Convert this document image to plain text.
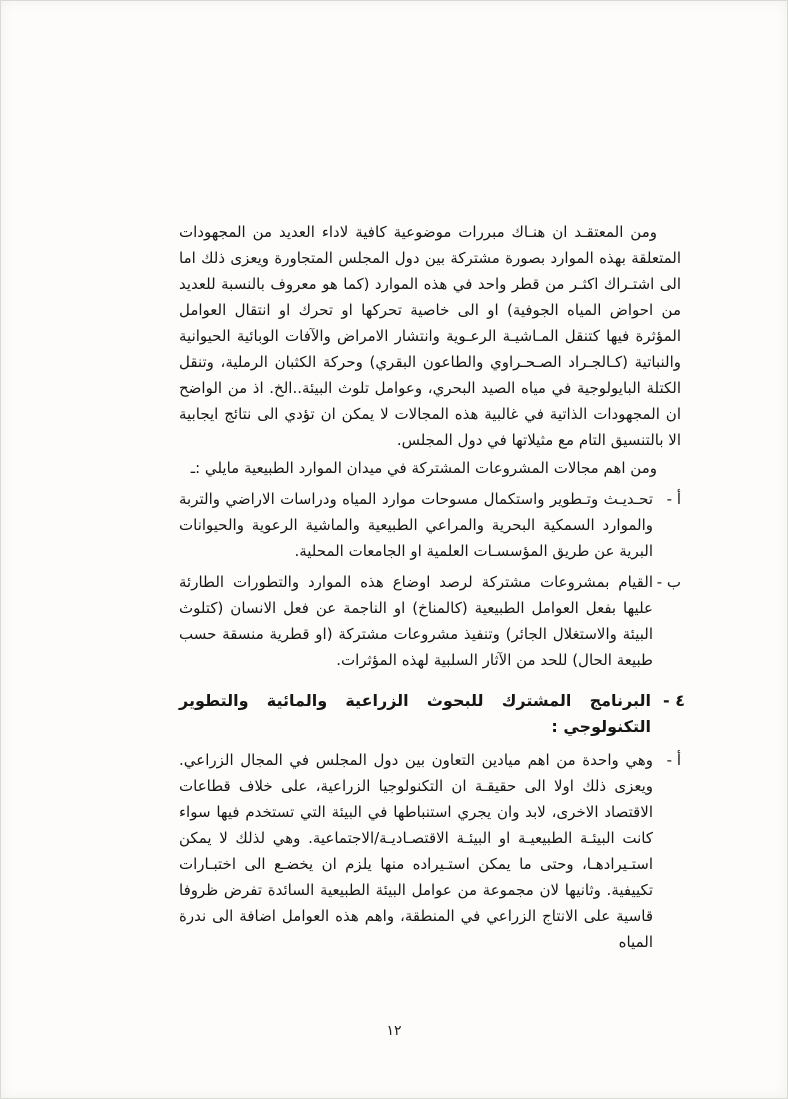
ومن المعتقـد ان هنـاك مبررات موضوعية كافية لاداء العديد من المجهودات المتعلقة بهذه الموارد بصورة مشتركة بين دول المجلس المتجاورة ويعزى ذلك اما الى اشتـراك اكثـر من قطر واحد في هذه الموارد (كما هو معروف بالنسبة للعديد من احواض المياه الجوفية) او الى خاصية تحركها او تحرك او انتقال العوامل المؤثرة فيها كتنقل المـاشيـة الرعـوية وانتشار الامراض والآفات الوبائية الحيوانية والنباتية (كـالجـراد الصـحـراوي والطاعون البقري) وحركة الكثبان الرملية، وتنقل الكتلة البايولوجية في مياه الصيد البحري، وعوامل تلوث البيئة..الخ. اذ من الواضح ان المجهودات الذاتية في غالبية هذه المجالات لا يمكن ان تؤدي الى نتائج ايجابية الا بالتنسيق التام مع مثيلاتها في دول المجلس.

ومن اهم مجالات المشروعات المشتركة في ميدان الموارد الطبيعية مايلي :ـ

أ -
تحـديـث وتـطوير واستكمال مسوحات موارد المياه ودراسات الاراضي والتربة والموارد السمكية البحرية والمراعي الطبيعية والماشية الرعوية والحيوانات البرية عن طريق المؤسسـات العلمية او الجامعات المحلية.
ب -
القيام بمشروعات مشتركة لرصد اوضاع هذه الموارد والتطورات الطارئة عليها بفعل العوامل الطبيعية (كالمناخ) او الناجمة عن فعل الانسان (كتلوث البيئة والاستغلال الجائر) وتنفيذ مشروعات مشتركة (او قطرية منسقة حسب طبيعة الحال) للحد من الآثار السلبية لهذه المؤثرات.
٤ -
البرنامج المشترك للبحوث الزراعية والمائية والتطوير التكنولوجي :
أ -
وهي واحدة من اهم ميادين التعاون بين دول المجلس في المجال الزراعي. ويعزى ذلك اولا الى حقيقـة ان التكنولوجيا الزراعية، على خلاف قطاعات الاقتصاد الاخرى، لابد وان يجري استنباطها في البيئة التي تستخدم فيها سواء كانت البيئـة الطبيعيـة او البيئـة الاقتصـاديـة/الاجتماعية. وهي لذلك لا يمكن استـيرادهـا، وحتى ما يمكن استـيراده منها يلزم ان يخضـع الى اختبـارات تكييفية. وثانيها لان مجموعة من عوامل البيئة الطبيعية السائدة تفرض ظروفا قاسية على الانتاج الزراعي في المنطقة، واهم هذه العوامل اضافة الى ندرة المياه
١٢
